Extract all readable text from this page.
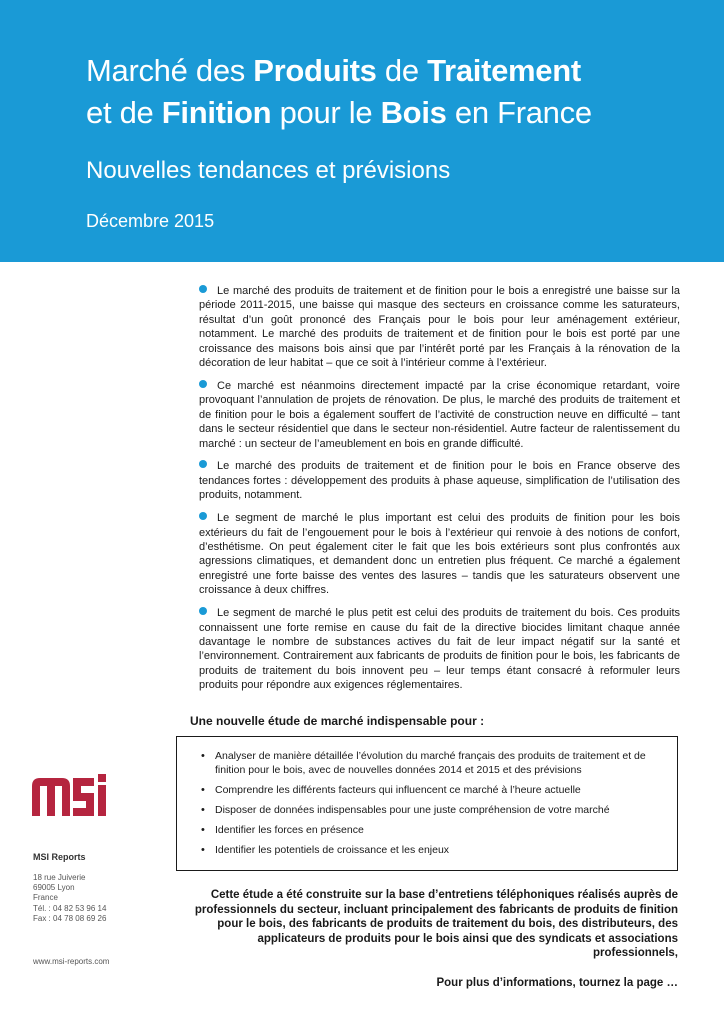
Marché des Produits de Traitement
et de Finition pour le Bois en France
Nouvelles tendances et prévisions
Décembre 2015

Le marché des produits de traitement et de finition pour le bois a enregistré une baisse sur la période 2011-2015, une baisse qui masque des secteurs en croissance comme les saturateurs, résultat d’un goût prononcé des Français pour le bois pour leur aménagement extérieur, notamment. Le marché des produits de traitement et de finition pour le bois est porté par une croissance des maisons bois ainsi que par l’intérêt porté par les Français à la rénovation de la décoration de leur habitat – que ce soit à l’intérieur comme à l’extérieur.

Ce marché est néanmoins directement impacté par la crise économique retardant, voire provoquant l’annulation de projets de rénovation. De plus, le marché des produits de traitement et de finition pour le bois a également souffert de l’activité de construction neuve en difficulté – tant dans le secteur résidentiel que dans le secteur non-résidentiel. Autre facteur de ralentissement du marché : un secteur de l’ameublement en bois en grande difficulté.

Le marché des produits de traitement et de finition pour le bois en France observe des tendances fortes : développement des produits à phase aqueuse, simplification de l’utilisation des produits, notamment.

Le segment de marché le plus important est celui des produits de finition pour les bois extérieurs du fait de l’engouement pour le bois à l’extérieur qui renvoie à des notions de confort, d’esthétisme. On peut également citer le fait que les bois extérieurs sont plus confrontés aux agressions climatiques, et demandent donc un entretien plus fréquent. Ce marché a également enregistré une forte baisse des ventes des lasures – tandis que les saturateurs observent une croissance à deux chiffres.

Le segment de marché le plus petit est celui des produits de traitement du bois. Ces produits connaissent une forte remise en cause du fait de la directive biocides limitant chaque année davantage le nombre de substances actives du fait de leur impact négatif sur la santé et l’environnement. Contrairement aux fabricants de produits de finition pour le bois, les fabricants de produits de traitement du bois innovent peu – leur temps étant consacré à reformuler leurs produits pour répondre aux exigences réglementaires.

Une nouvelle étude de marché indispensable pour :
• Analyser de manière détaillée l’évolution du marché français des produits de traitement et de finition pour le bois, avec de nouvelles données 2014 et 2015 et des prévisions
• Comprendre les différents facteurs qui influencent ce marché à l’heure actuelle
• Disposer de données indispensables pour une juste compréhension de votre marché
• Identifier les forces en présence
• Identifier les potentiels de croissance et les enjeux

Cette étude a été construite sur la base d’entretiens téléphoniques réalisés auprès de professionnels du secteur, incluant principalement des fabricants de produits de finition pour le bois, des fabricants de produits de traitement du bois, des distributeurs, des applicateurs de produits pour le bois ainsi que des syndicats et associations professionnels,

Pour plus d’informations, tournez la page …

MSI Reports
18 rue Juiverie
69005 Lyon
France
Tél. : 04 82 53 96 14
Fax : 04 78 08 69 26
www.msi-reports.com
